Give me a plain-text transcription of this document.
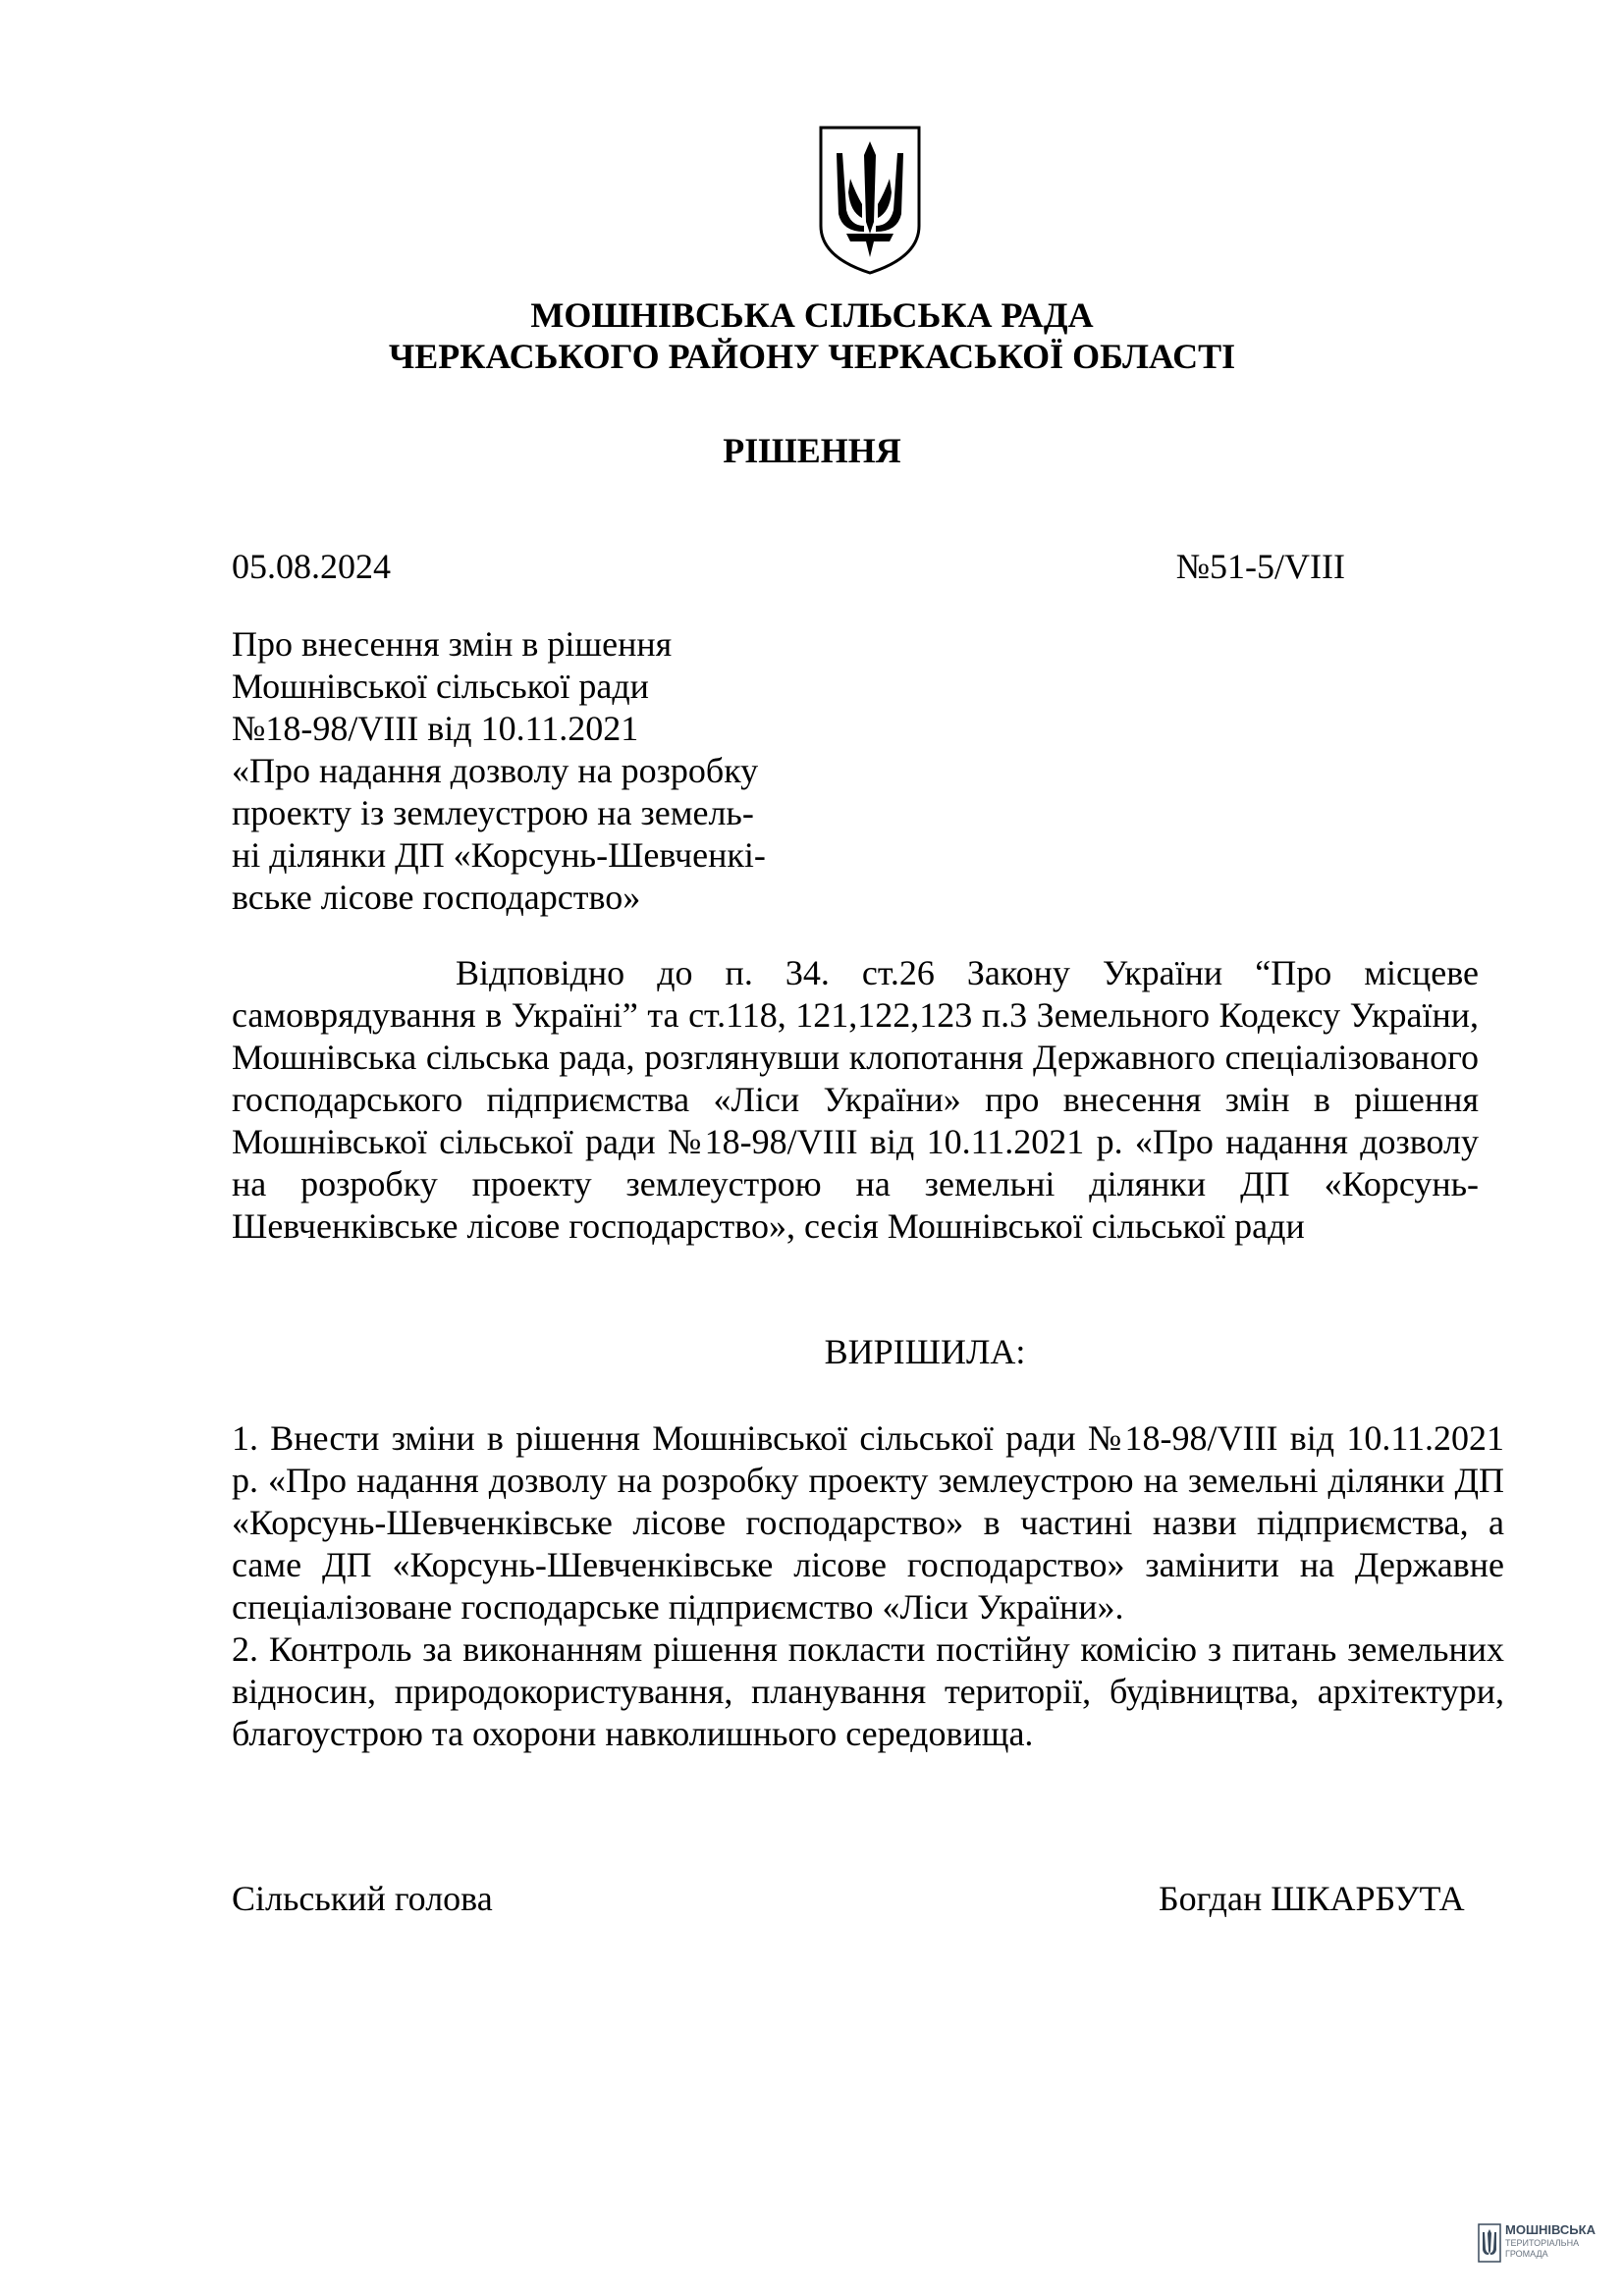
МОШНІВСЬКА СІЛЬСЬКА РАДА
ЧЕРКАСЬКОГО РАЙОНУ ЧЕРКАСЬКОЇ ОБЛАСТІ
РІШЕННЯ
05.08.2024	№51-5/VIII
Про внесення змін в рішення
Мошнівської сільської ради
№18-98/VIII від 10.11.2021
«Про надання дозволу на розробку
проекту із землеустрою на земель-
ні ділянки ДП «Корсунь-Шевченкі-
вське лісове господарство»
Відповідно до п. 34. ст.26 Закону України “Про місцеве самоврядування в Україні” та ст.118, 121,122,123 п.3 Земельного Кодексу України, Мошнівська сільська рада, розглянувши клопотання Державного спеціалізованого господарського підприємства «Ліси України» про внесення змін в рішення Мошнівської сільської ради №18-98/VIII від 10.11.2021 р. «Про надання дозволу на розробку проекту землеустрою на земельні ділянки ДП «Корсунь-Шевченківське лісове господарство», сесія Мошнівської сільської ради
ВИРІШИЛА:

1. Внести зміни в рішення Мошнівської сільської ради №18-98/VIII від 10.11.2021 р. «Про надання дозволу на розробку проекту землеустрою на земельні ділянки ДП «Корсунь-Шевченківське лісове господарство» в частині назви підприємства, а саме ДП «Корсунь-Шевченківське лісове господарство» замінити на Державне спеціалізоване господарське підприємство «Ліси України».

2. Контроль за виконанням рішення покласти постійну комісію з питань земельних відносин, природокористування, планування території, будівництва, архітектури, благоустрою та охорони навколишнього середовища.

Сільський голова	Богдан ШКАРБУТА
МОШНІВСЬКА
ТЕРИТОРІАЛЬНА
ГРОМАДА
